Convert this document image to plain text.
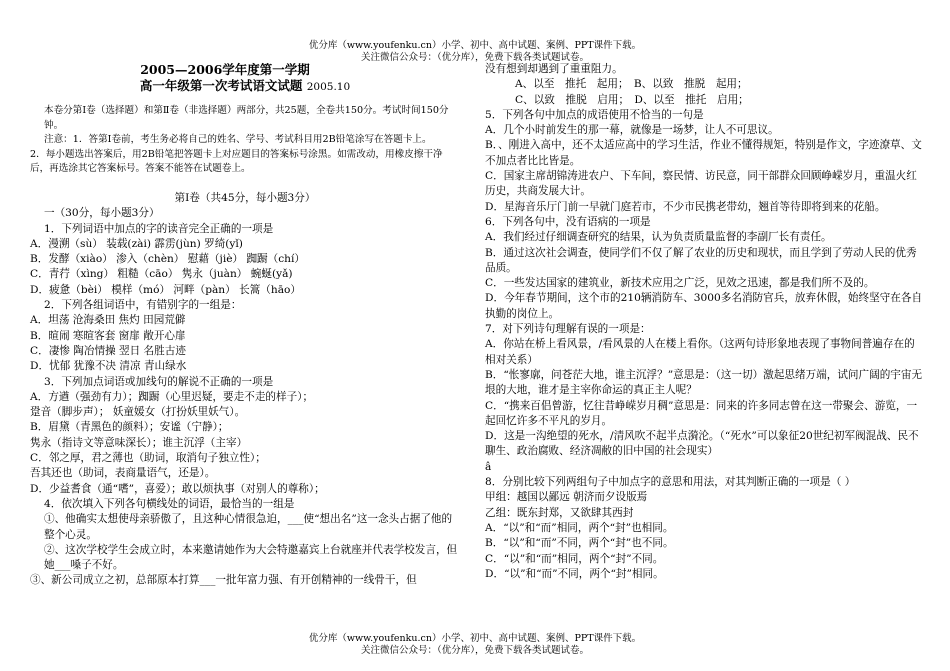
优分库（www.youfenku.cn）小学、初中、高中试题、案例、PPT课件下载。
关注微信公众号：（优分库），免费下载各类试题试卷。

2005—2006学年度第一学期

高一年级第一次考试语文试题 2005.10

本卷分第Ⅰ卷（选择题）和第Ⅱ卷（非选择题）两部分，共25题，全卷共150分。考试时间150分钟。

注意：1．答第Ⅰ卷前，考生务必将自己的姓名、学号、考试科目用2B铅笔涂写在答题卡上。

2．每小题选出答案后，用2B铅笔把答题卡上对应题目的答案标号涂黑。如需改动，用橡皮擦干净后，再选涂其它答案标号。答案不能答在试题卷上。

第Ⅰ卷（共45分，每小题3分）

一（30分，每小题3分）

1．下列词语中加点的字的读音完全正确的一项是

A．漫溯（sù） 装载(zài) 霹雳(jùn) 罗绮(yǐ)

B．发酵（xiào） 渗入（chèn） 慰藉（jiè） 踟蹰（chí）

C．青荇（xìng） 粗糙（cāo） 隽永（juàn） 蜿蜒(yǎ)

D．疲惫（bèi） 模样（mó） 河畔（pàn） 长篙（hāo）

2．下列各组词语中，有错别字的一组是：

A．坦荡 沧海桑田 焦灼 田园荒僻

B．暄闹 寒暄客套 窗扉 敞开心扉

C．凄惨 陶冶情操 翌日 名胜古迹

D．忧郁 犹豫不决 清凉 青山绿水

3．下列加点词语或加线句的解说不正确的一项是

A．方遒（强劲有力）；踟蹰（心里迟疑，要走不走的样子）；

跫音（脚步声）； 妖童媛女（打扮妖里妖气）。

B．眉黛（青黑色的颜料）；安谧（宁静）；

隽永（指诗文等意味深长）；谁主沉浮（主宰）

C．邻之厚，君之薄也（助词，取消句子独立性）；

吾其还也（助词，表商量语气，还是）。

D．少益耆食（通“嗜”，喜爱）；敢以烦执事（对别人的尊称）；

4．依次填入下列各句横线处的词语，最恰当的一组是

①、他确实太想使母亲骄傲了，且这种心情很急迫，___使“想出名”这一念头占据了他的整个心灵。

②、这次学校学生会成立时，本来邀请她作为大会特邀嘉宾上台就座并代表学校发言，但她___嗓子不好。

③、新公司成立之初，总部原本打算___一批年富力强、有开创精神的一线骨干，但

没有想到却遇到了重重阻力。

A、以至　推托　起用；　B、以致　推脱　起用；

C、以致　推脱　启用；　D、以至　推托　启用；

5．下列各句中加点的成语使用不恰当的一句是

A．几个小时前发生的那一幕，就像是一场梦，让人不可思议。

B．、刚进入高中，还不太适应高中的学习生活，作业不懂得规矩，特别是作文，字迹潦草、文不加点者比比皆是。

C．国家主席胡锦涛进农户、下车间，察民情、访民意，同干部群众回顾峥嵘岁月，重温火红历史，共商发展大计。

D．星海音乐厅门前一早就门庭若市，不少市民携老带幼，翘首等待即将到来的花船。

6．下列各句中，没有语病的一项是

A．我们经过仔细调查研究的结果，认为负责质量监督的李副厂长有责任。

B．通过这次社会调查，使同学们不仅了解了农业的历史和现状，而且学到了劳动人民的优秀品质。

C．一些发达国家的建筑业，新技术应用之广泛，见效之迅速，都是我们所不及的。

D．今年春节期间，这个市的210辆消防车、3000多名消防官兵，放弃休假，始终坚守在各自执勤的岗位上。

7．对下列诗句理解有误的一项是：

A．你站在桥上看风景，/看风景的人在楼上看你。（这两句诗形象地表现了事物间普遍存在的相对关系）

B．“怅寥廓，问苍茫大地，谁主沉浮？”意思是：（这一切）激起思绪万端，试问广阔的宇宙无垠的大地，谁才是主宰你命运的真正主人呢？

C．“携来百侣曾游，忆往昔峥嵘岁月稠”意思是：同来的许多同志曾在这一带聚会、游览，一起回忆许多不平凡的岁月。

D．这是一沟绝望的死水，/清风吹不起半点漪沦。（“死水”可以象征20世纪初军阀混战、民不聊生、政治腐败、经济凋敝的旧中国的社会现实）

â

8．分别比较下列两组句子中加点字的意思和用法，对其判断正确的一项是（ ）

甲组：越国以鄙远 朝济而夕设版焉

乙组：既东封郑，又欲肆其西封

A．“以”和“而”相同，两个“封”也相同。

B．“以”和“而”不同，两个“封”也不同。

C．“以”和“而”相同，两个“封”不同。

D．“以”和“而”不同，两个“封”相同。

优分库（www.youfenku.cn）小学、初中、高中试题、案例、PPT课件下载。
关注微信公众号：（优分库），免费下载各类试题试卷。
